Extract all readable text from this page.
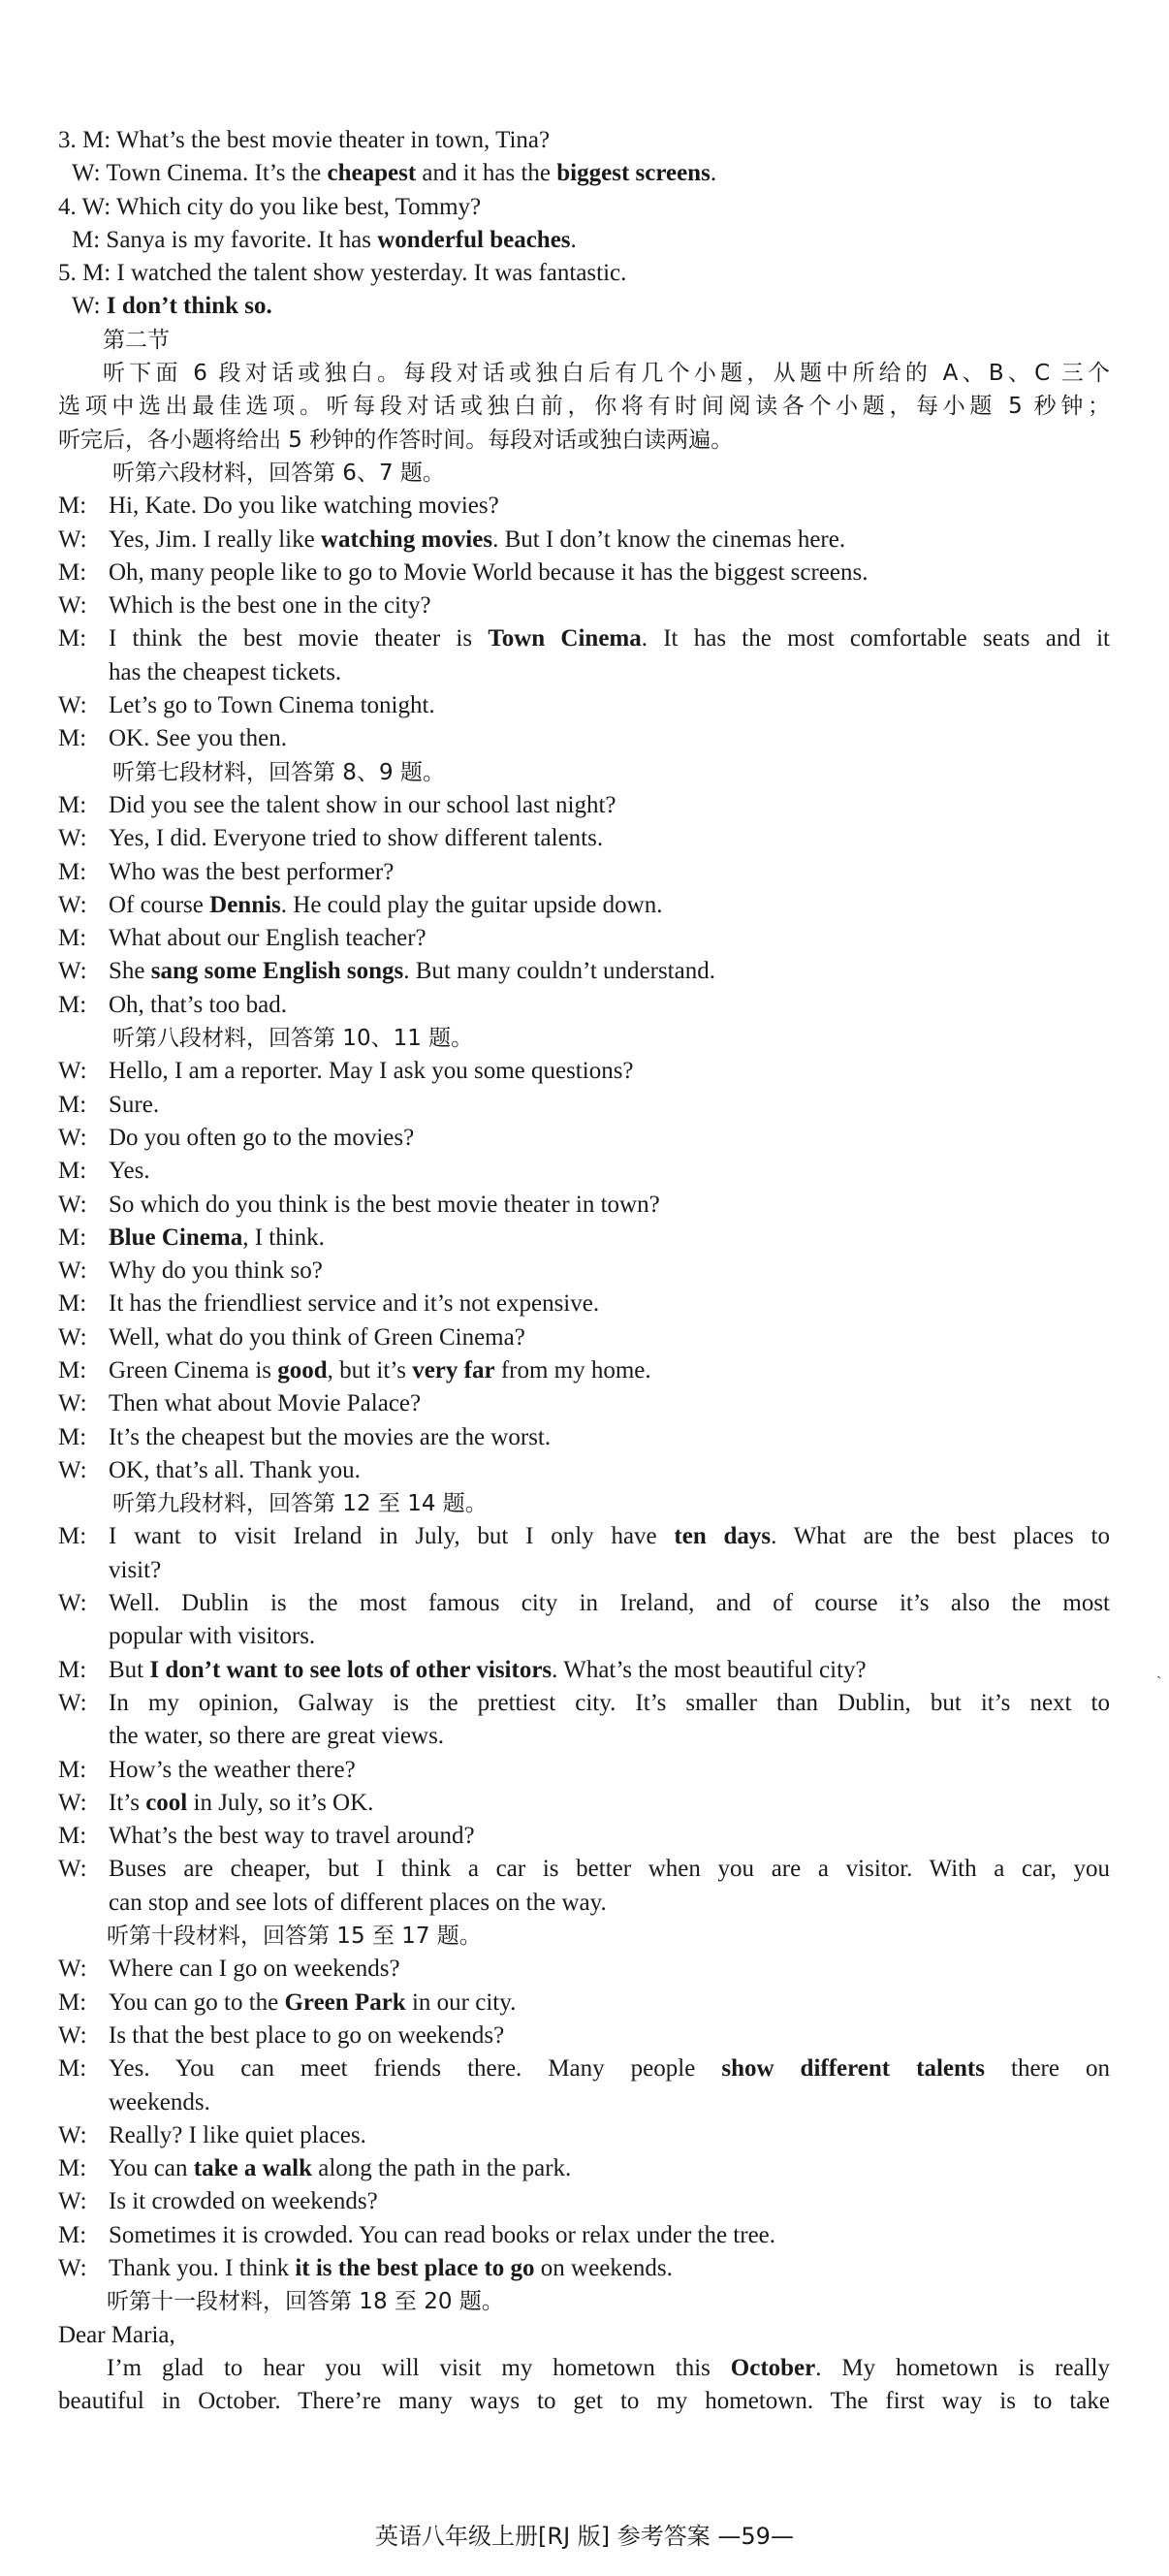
3. M: What’s the best movie theater in town, Tina?
W: Town Cinema. It’s the cheapest and it has the biggest screens.
4. W: Which city do you like best, Tommy?
M: Sanya is my favorite. It has wonderful beaches.
5. M: I watched the talent show yesterday. It was fantastic.
W: I don’t think so.
第二节
听下面 6 段对话或独白。每段对话或独白后有几个小题，从题中所给的 A、B、C 三个
选项中选出最佳选项。听每段对话或独白前，你将有时间阅读各个小题，每小题 5 秒钟；
听完后，各小题将给出 5 秒钟的作答时间。每段对话或独白读两遍。
听第六段材料，回答第 6、7 题。
M: Hi, Kate. Do you like watching movies?
W: Yes, Jim. I really like watching movies. But I don’t know the cinemas here.
M: Oh, many people like to go to Movie World because it has the biggest screens.
W: Which is the best one in the city?
M: I think the best movie theater is Town Cinema. It has the most comfortable seats and it
has the cheapest tickets.
W: Let’s go to Town Cinema tonight.
M: OK. See you then.
听第七段材料，回答第 8、9 题。
M: Did you see the talent show in our school last night?
W: Yes, I did. Everyone tried to show different talents.
M: Who was the best performer?
W: Of course Dennis. He could play the guitar upside down.
M: What about our English teacher?
W: She sang some English songs. But many couldn’t understand.
M: Oh, that’s too bad.
听第八段材料，回答第 10、11 题。
W: Hello, I am a reporter. May I ask you some questions?
M: Sure.
W: Do you often go to the movies?
M: Yes.
W: So which do you think is the best movie theater in town?
M: Blue Cinema, I think.
W: Why do you think so?
M: It has the friendliest service and it’s not expensive.
W: Well, what do you think of Green Cinema?
M: Green Cinema is good, but it’s very far from my home.
W: Then what about Movie Palace?
M: It’s the cheapest but the movies are the worst.
W: OK, that’s all. Thank you.
听第九段材料，回答第 12 至 14 题。
M: I want to visit Ireland in July, but I only have ten days. What are the best places to
visit?
W: Well. Dublin is the most famous city in Ireland, and of course it’s also the most
popular with visitors.
M: But I don’t want to see lots of other visitors. What’s the most beautiful city?
W: In my opinion, Galway is the prettiest city. It’s smaller than Dublin, but it’s next to
the water, so there are great views.
M: How’s the weather there?
W: It’s cool in July, so it’s OK.
M: What’s the best way to travel around?
W: Buses are cheaper, but I think a car is better when you are a visitor. With a car, you
can stop and see lots of different places on the way.
听第十段材料，回答第 15 至 17 题。
W: Where can I go on weekends?
M: You can go to the Green Park in our city.
W: Is that the best place to go on weekends?
M: Yes. You can meet friends there. Many people show different talents there on
weekends.
W: Really? I like quiet places.
M: You can take a walk along the path in the park.
W: Is it crowded on weekends?
M: Sometimes it is crowded. You can read books or relax under the tree.
W: Thank you. I think it is the best place to go on weekends.
听第十一段材料，回答第 18 至 20 题。
Dear Maria,
I’m glad to hear you will visit my hometown this October. My hometown is really
beautiful in October. There’re many ways to get to my hometown. The first way is to take
`
英语八年级上册[RJ 版] 参考答案 —59—
